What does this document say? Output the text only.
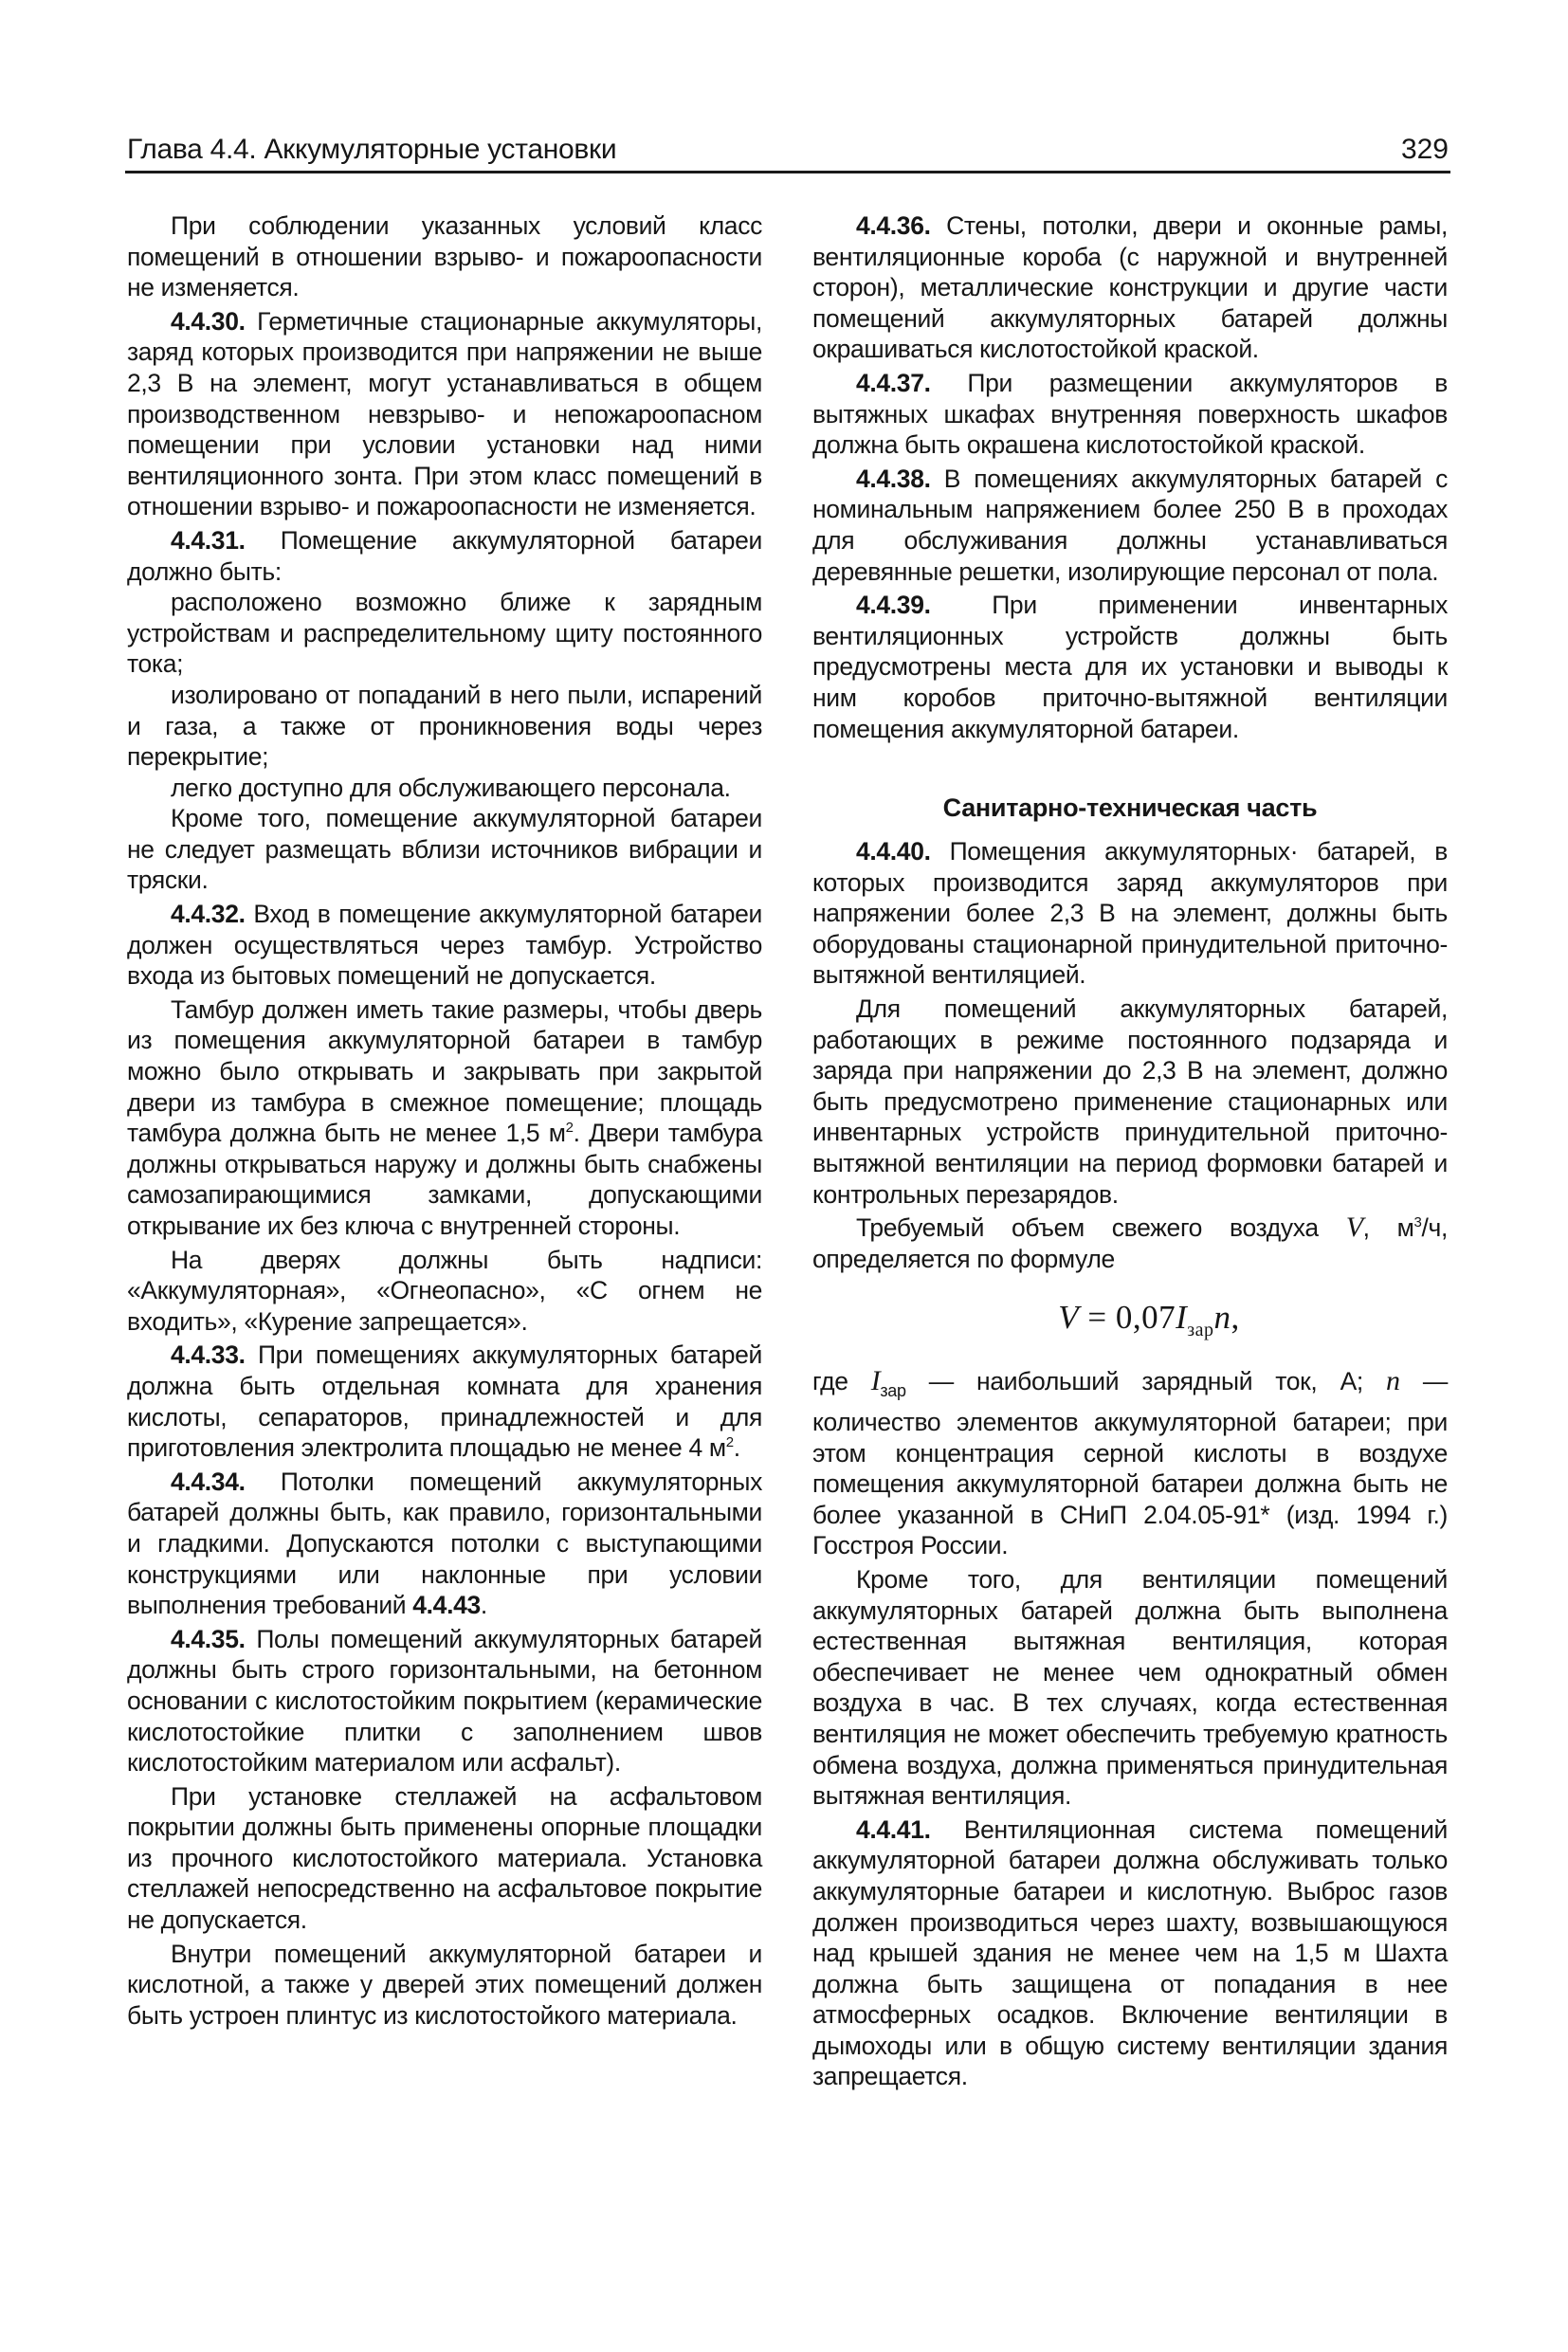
Глава 4.4. Аккумуляторные установки	329

При соблюдении указанных условий класс помещений в отношении взрыво- и пожароопасности не изменяется.

4.4.30. Герметичные стационарные аккумуляторы, заряд которых производится при напряжении не выше 2,3 В на элемент, могут устанавливаться в общем производственном невзрыво- и непожароопасном помещении при условии установки над ними вентиляционного зонта. При этом класс помещений в отношении взрыво- и пожароопасности не изменяется.

4.4.31. Помещение аккумуляторной батареи должно быть:

расположено возможно ближе к зарядным устройствам и распределительному щиту постоянного тока;

изолировано от попаданий в него пыли, испарений и газа, а также от проникновения воды через перекрытие;

легко доступно для обслуживающего персонала.

Кроме того, помещение аккумуляторной батареи не следует размещать вблизи источников вибрации и тряски.

4.4.32. Вход в помещение аккумуляторной батареи должен осуществляться через тамбур. Устройство входа из бытовых помещений не допускается.

Тамбур должен иметь такие размеры, чтобы дверь из помещения аккумуляторной батареи в тамбур можно было открывать и закрывать при закрытой двери из тамбура в смежное помещение; площадь тамбура должна быть не менее 1,5 $м^2$. Двери тамбура должны открываться наружу и должны быть снабжены самозапирающимися замками, допускающими открывание их без ключа с внутренней стороны.

На дверях должны быть надписи: «Аккумуляторная», «Огнеопасно», «С огнем не входить», «Курение запрещается».

4.4.33. При помещениях аккумуляторных батарей должна быть отдельная комната для хранения кислоты, сепараторов, принадлежностей и для приготовления электролита площадью не менее 4 $м^2$.

4.4.34. Потолки помещений аккумуляторных батарей должны быть, как правило, горизонтальными и гладкими. Допускаются потолки с выступающими конструкциями или наклонные при условии выполнения требований 4.4.43.

4.4.35. Полы помещений аккумуляторных батарей должны быть строго горизонтальными, на бетонном основании с кислотостойким покрытием (керамические кислотостойкие плитки с заполнением швов кислотостойким материалом или асфальт).

При установке стеллажей на асфальтовом покрытии должны быть применены опорные площадки из прочного кислотостойкого материала. Установка стеллажей непосредственно на асфальтовое покрытие не допускается.

Внутри помещений аккумуляторной батареи и кислотной, а также у дверей этих помещений должен быть устроен плинтус из кислотостойкого материала.

4.4.36. Стены, потолки, двери и оконные рамы, вентиляционные короба (с наружной и внутренней сторон), металлические конструкции и другие части помещений аккумуляторных батарей должны окрашиваться кислотостойкой краской.

4.4.37. При размещении аккумуляторов в вытяжных шкафах внутренняя поверхность шкафов должна быть окрашена кислотостойкой краской.

4.4.38. В помещениях аккумуляторных батарей с номинальным напряжением более 250 В в проходах для обслуживания должны устанавливаться деревянные решетки, изолирующие персонал от пола.

4.4.39. При применении инвентарных вентиляционных устройств должны быть предусмотрены места для их установки и выводы к ним коробов приточно-вытяжной вентиляции помещения аккумуляторной батареи.

Санитарно-техническая часть

4.4.40. Помещения аккумуляторных· батарей, в которых производится заряд аккумуляторов при напряжении более 2,3 В на элемент, должны быть оборудованы стационарной принудительной приточно-вытяжной вентиляцией.

Для помещений аккумуляторных батарей, работающих в режиме постоянного подзаряда и заряда при напряжении до 2,3 В на элемент, должно быть предусмотрено применение стационарных или инвентарных устройств принудительной приточно-вытяжной вентиляции на период формовки батарей и контрольных перезарядов.

Требуемый объем свежего воздуха V, $м^3/ч$, определяется по формуле

$V = 0,07I_{зар}n$,

где $I_{зар}$ — наибольший зарядный ток, А; n — количество элементов аккумуляторной батареи; при этом концентрация серной кислоты в воздухе помещения аккумуляторной батареи должна быть не более указанной в СНиП 2.04.05-91* (изд. 1994 г.) Госстроя России.

Кроме того, для вентиляции помещений аккумуляторных батарей должна быть выполнена естественная вытяжная вентиляция, которая обеспечивает не менее чем однократный обмен воздуха в час. В тех случаях, когда естественная вентиляция не может обеспечить требуемую кратность обмена воздуха, должна применяться принудительная вытяжная вентиляция.

4.4.41. Вентиляционная система помещений аккумуляторной батареи должна обслуживать только аккумуляторные батареи и кислотную. Выброс газов должен производиться через шахту, возвышающуюся над крышей здания не менее чем на 1,5 м Шахта должна быть защищена от попадания в нее атмосферных осадков. Включение вентиляции в дымоходы или в общую систему вентиляции здания запрещается.
